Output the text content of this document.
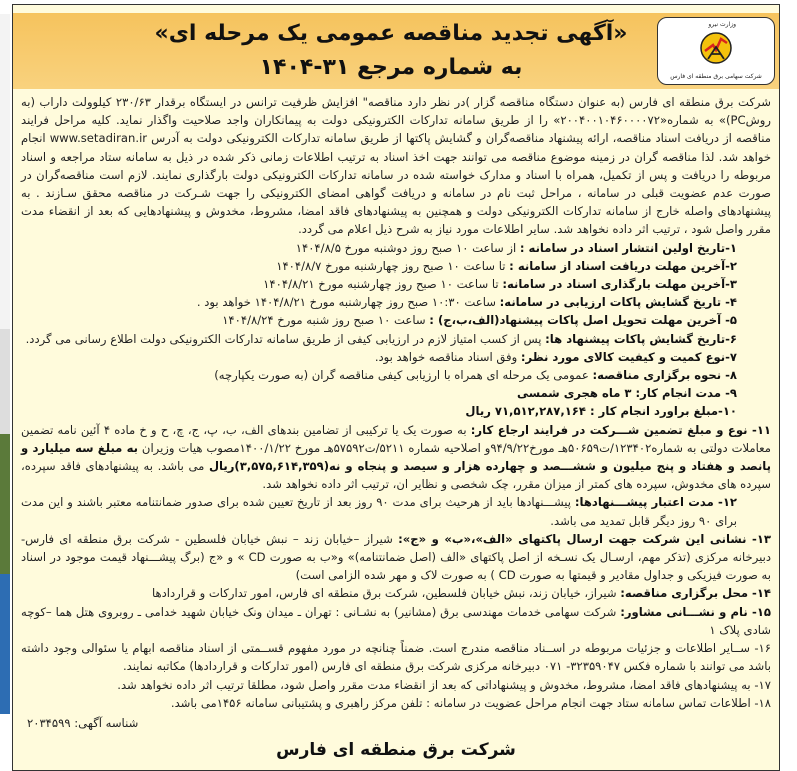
«آگهی تجدید مناقصه عمومی یک مرحله ای»
به شماره مرجع ۳۱-۱۴۰۴
وزارت نیرو
شرکت سهامی برق منطقه ای فارس

شرکت برق منطقه ای فارس (به عنوان دستگاه مناقصه گزار )در نظر دارد مناقصه" افزایش ظرفیت ترانس در ایستگاه برقدار ۲۳۰/۶۳ کیلوولت داراب (به روشPC)» به شماره«۲۰۰۴۰۰۱۰۴۶۰۰۰۰۷۲» را از طریق سامانه تدارکات الکترونیکی دولت به پیمانکاران واجد صلاحیت واگذار نماید. کلیه مراحل فرایند مناقصه از دریافت اسناد مناقصه، ارائه پیشنهاد مناقصه‌گران و گشایش پاکتها از طریق سامانه تدارکات الکترونیکی دولت به آدرس www.setadiran.ir انجام خواهد شد. لذا مناقصه گران در زمینه موضوع مناقصه می توانند جهت اخذ اسناد به ترتیب اطلاعات زمانی ذکر شده در ذیل به سامانه ستاد مراجعه و اسناد مربوطه را دریافت و پس از تکمیل، همراه با اسناد و مدارک خواسته شده در سامانه تدارکات الکترونیکی دولت بارگذاری نمایند. لازم است مناقصه‌گران در صورت عدم عضویت قبلی در سامانه ، مراحل ثبت نام در سامانه و دریافت گواهی امضای الکترونیکی را جهت شـرکت در مناقصه محقق سـازند . به پیشنهادهای واصله خارج از سامانه تدارکات الکترونیکی دولت و همچنین به پیشنهادهای فاقد امضا، مشروط، مخدوش و پیشنهادهایی که بعد از انقضاء مدت مقرر واصل شود ، ترتیب اثر داده نخواهد شد. سایر اطلاعات مورد نیاز به شرح ذیل اعلام می گردد.

۱-تاریخ اولین انتشار اسناد در سامانه : از ساعت ۱۰ صبح روز دوشنبه مورخ ۱۴۰۴/۸/۵

۲-آخرین مهلت دریافت اسناد از سامانه : تا ساعت ۱۰ صبح روز چهارشنبه مورخ ۱۴۰۴/۸/۷

۳-آخرین مهلت بارگذاری اسناد در سامانه: تا ساعت ۱۰ صبح روز چهارشنبه مورخ ۱۴۰۴/۸/۲۱

۴- تاریخ گشایش پاکات ارزیابی در سامانه: ساعت ۱۰:۳۰ صبح روز چهارشنبه مورخ ۱۴۰۴/۸/۲۱ خواهد بود .

۵- آخرین مهلت تحویل اصل پاکات پیشنهاد(الف،ب،ج) : ساعت ۱۰ صبح روز شنبه مورخ ۱۴۰۴/۸/۲۴

۶-تاریخ گشایش پاکات پیشنهاد ها: پس از کسب امتیاز لازم در ارزیابی کیفی از طریق سامانه تدارکات الکترونیکی دولت اطلاع رسانی می گردد.

۷-نوع کمیت و کیفیت کالای مورد نظر: وفق اسناد مناقصه خواهد بود.

۸- نحوه برگزاری مناقصه: عمومی یک مرحله ای همراه با ارزیابی کیفی مناقصه گران (به صورت یکپارچه)

۹- مدت انجام کار: ۳ ماه هجری شمسی

۱۰-مبلغ براورد انجام کار : ۷۱,۵۱۲,۲۸۷,۱۶۴ ریال

۱۱- نوع و مبلغ تضمین شـــرکت در فرایند ارجاع کار: به صورت یک یا ترکیبی از تضامین بندهای الف، ب، پ، ج، چ، ح و خ ماده ۴ آئین نامه تضمین معاملات دولتی به شماره۱۲۳۴۰۲/ت۵۰۶۵۹هـ مورخ۹۴/۹/۲۲و اصلاحیه شماره ۵۲۱۱/ت۵۷۵۹۲هـ مورخ ۱۴۰۰/۱/۲۲مصوب هیات وزیران به مبلغ سه میلیارد و پانصد و هفتاد و پنج میلیون و ششـــصد و چهارده هزار و سیصد و پنجاه و نه(۳,۵۷۵,۶۱۴,۳۵۹)ریال می باشد. به پیشنهادهای فاقد سپرده، سپرده های مخدوش، سپرده های کمتر از میزان مقرر، چک شخصی و نظایر ان، ترتیب اثر داده نخواهد شد.

۱۲- مدت اعتبار پیشـــنهادها: پیشـــنهادها باید از هرحیث برای مدت ۹۰ روز بعد از تاریخ تعیین شده برای صدور ضمانتنامه معتبر باشند و این مدت برای ۹۰ روز دیگر قابل تمدید می باشد.

۱۳- نشانی این شرکت جهت ارسال پاکتهای «الف»،«ب» و «ج»: شیراز –خیابان زند – نبش خیابان فلسطین - شرکت برق منطقه ای فارس- دبیرخانه مرکزی (تذکر مهم، ارسـال یک نسـخه از اصل پاکتهای «الف (اصل ضمانتنامه)» و«ب به صورت CD » و «ج (برگ پیشـــنهاد قیمت موجود در اسناد به صورت فیزیکی و جداول مقادیر و قیمتها به صورت CD ) به صورت لاک و مهر شده الزامی است)

۱۴- محل برگزاری مناقصه: شیراز، خیابان زند، نبش خیابان فلسطین، شرکت برق منطقه ای فارس، امور تدارکات و قراردادها

۱۵- نام و نشـــانی مشاور: شرکت سهامی خدمات مهندسی برق (مشانیر) به نشـانی : تهران ـ میدان ونک خیابان شهید خدامی ـ روبروی هتل هما –کوچه شادی پلاک ۱

۱۶- ســایر اطلاعات و جزئیات مربوطه در اســناد مناقصه مندرج است. ضمناً چنانچه در مورد مفهوم قســمتی از اسناد مناقصه ابهام یا سئوالی وجود داشته باشد می توانند با شماره فکس ۳۲۳۵۹۰۴۷- ۰۷۱ دبیرخانه مرکزی شرکت برق منطقه ای فارس (امور تدارکات و قراردادها) مکاتبه نمایند.

۱۷- به پیشنهادهای فاقد امضا، مشروط، مخدوش و پیشنهاداتی که بعد از انقضاء مدت مقرر واصل شود، مطلقا ترتیب اثر داده نخواهد شد.

۱۸- اطلاعات تماس سامانه ستاد جهت انجام مراحل عضویت در سامانه : تلفن مرکز راهبری و پشتیبانی سامانه ۱۴۵۶می باشد.

شناسه آگهی: ۲۰۳۴۵۹۹
شرکت برق منطقه ای فارس
